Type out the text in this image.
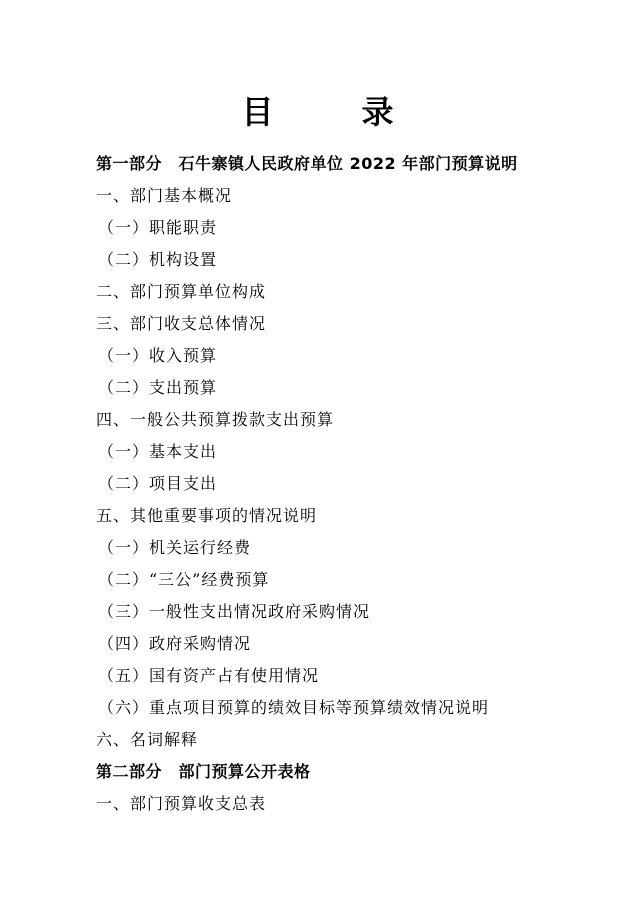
目　录
第一部分　石牛寨镇人民政府单位 2022 年部门预算说明
一、部门基本概况
（一）职能职责
（二）机构设置
二、部门预算单位构成
三、部门收支总体情况
（一）收入预算
（二）支出预算
四、一般公共预算拨款支出预算
（一）基本支出
（二）项目支出
五、其他重要事项的情况说明
（一）机关运行经费
（二）“三公”经费预算
（三）一般性支出情况政府采购情况
（四）政府采购情况
（五）国有资产占有使用情况
（六）重点项目预算的绩效目标等预算绩效情况说明
六、名词解释
第二部分　部门预算公开表格
一、部门预算收支总表
